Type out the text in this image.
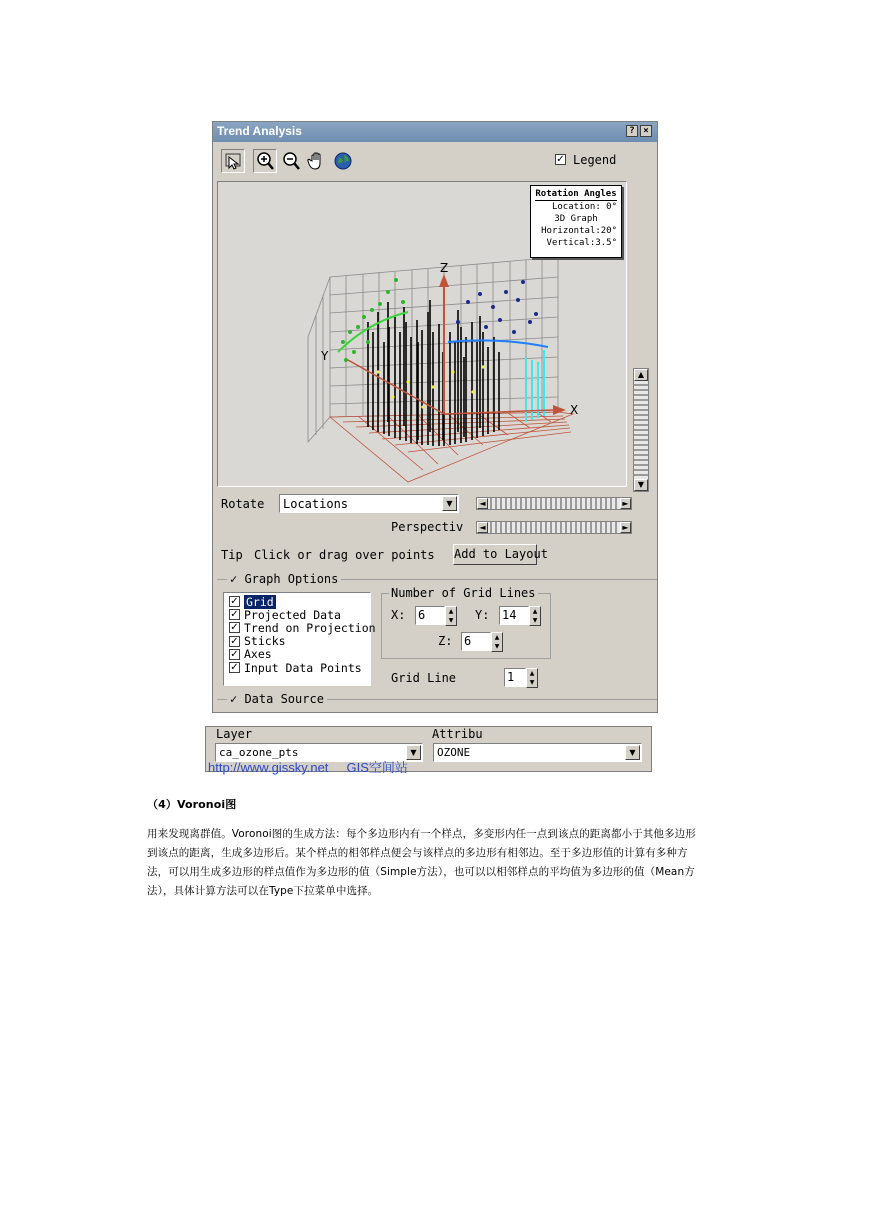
Trend Analysis	? ×
✓ Legend
Z
X
Y
Rotation Angles
Location: 0°
3D Graph
Horizontal:20°
Vertical:3.5°
▲
▼
Rotate Locations	▼	◄	►
Perspectiv	◄	►
Tip Click or drag over points Add to Layout
✓ Graph Options
✓ Grid
✓ Projected Data
✓ Trend on Projection
✓ Sticks
✓ Axes
✓ Input Data Points
Number of Grid Lines
X: 6	▲
▼	Y: 14	▲
▼
Z: 6	▲
▼
Grid Line	1	▲
▼
✓ Data Source
Layer	Attribu
ca_ozone_pts	▼	OZONE	▼
http://www.gissky.net     GIS空间站
（4）Voronoi图
用来发现离群值。Voronoi图的生成方法：每个多边形内有一个样点，多变形内任一点到该点的距离都小于其他多边形
到该点的距离，生成多边形后。某个样点的相邻样点便会与该样点的多边形有相邻边。至于多边形值的计算有多种方
法，可以用生成多边形的样点值作为多边形的值（Simple方法），也可以以相邻样点的平均值为多边形的值（Mean方
法），具体计算方法可以在Type下拉菜单中选择。
